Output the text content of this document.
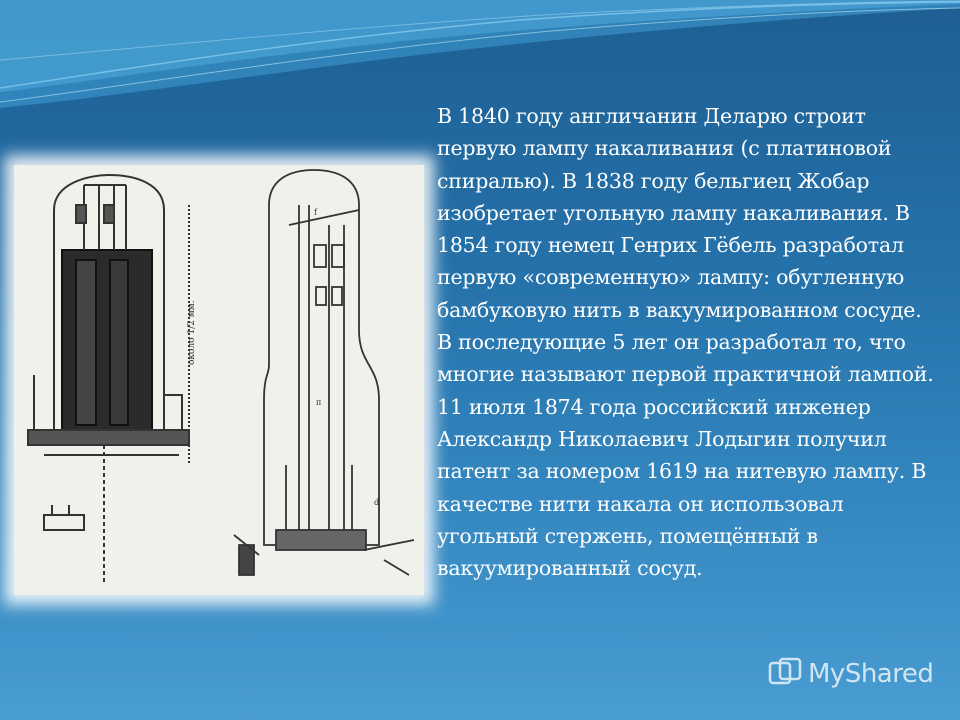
около 1/2 мм.
f
п
d

В 1840 году англичанин Деларю строит первую лампу накаливания (с платиновой спиралью). В 1838 году бельгиец Жобар изобретает угольную лампу накаливания. В 1854 году немец Генрих Гёбель разработал первую «современную» лампу: обугленную бамбуковую нить в вакуумированном сосуде. В последующие 5 лет он разработал то, что многие называют первой практичной лампой. 11 июля 1874 года российский инженер Александр Николаевич Лодыгин получил патент за номером 1619 на нитевую лампу. В качестве нити накала он использовал угольный стержень, помещённый в вакуумированный сосуд.

MyShared
